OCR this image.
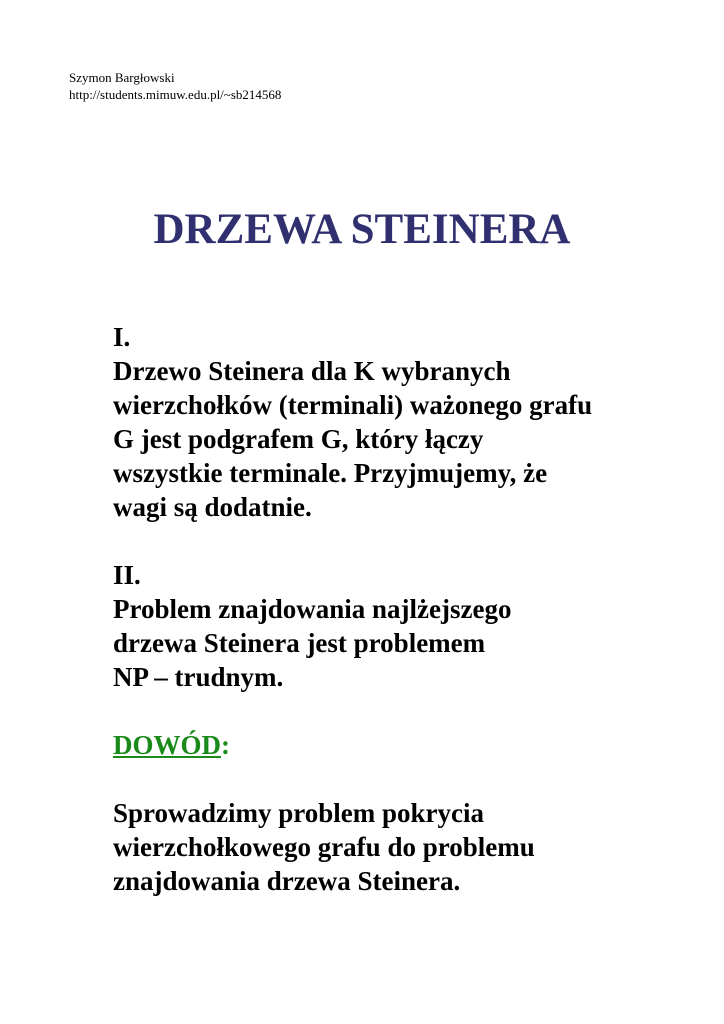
Szymon Bargłowski
http://students.mimuw.edu.pl/~sb214568
DRZEWA STEINERA
I.
Drzewo Steinera dla K wybranych
wierzchołków (terminali) ważonego grafu
G jest podgrafem G, który łączy
wszystkie terminale. Przyjmujemy, że
wagi są dodatnie.
II.
Problem znajdowania najlżejszego
drzewa Steinera jest problemem
NP – trudnym.
DOWÓD:
Sprowadzimy problem pokrycia
wierzchołkowego grafu do problemu
znajdowania drzewa Steinera.
